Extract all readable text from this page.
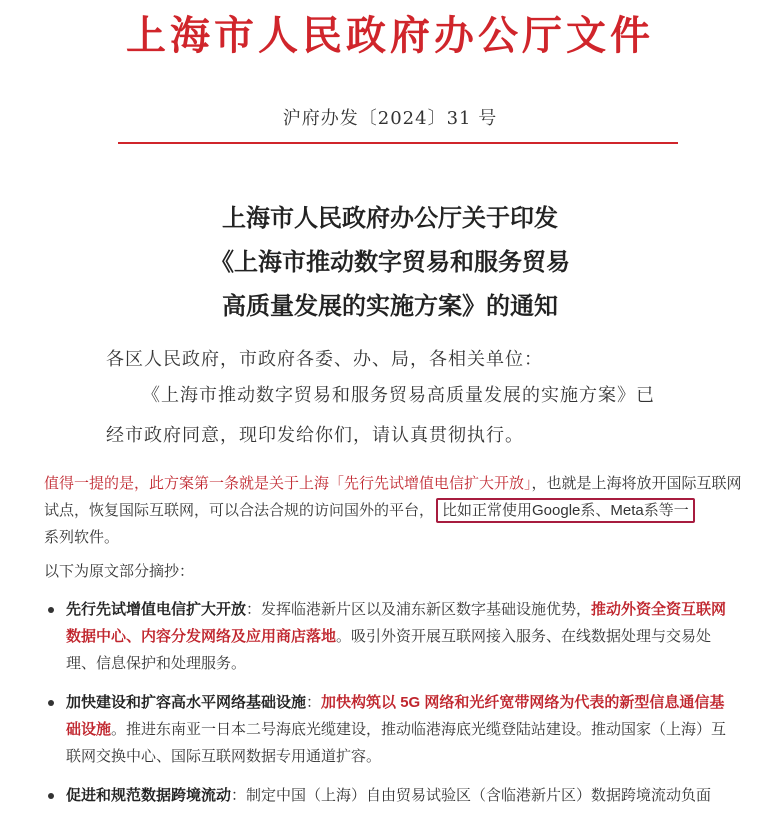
上海市人民政府办公厅文件
沪府办发〔2024〕31 号
上海市人民政府办公厅关于印发
《上海市推动数字贸易和服务贸易
高质量发展的实施方案》的通知
各区人民政府，市政府各委、办、局，各相关单位：
《上海市推动数字贸易和服务贸易高质量发展的实施方案》已
经市政府同意，现印发给你们，请认真贯彻执行。
值得一提的是，此方案第一条就是关于上海「先行先试增值电信扩大开放」，也就是上海将放开国际互联网试点，恢复国际互联网，可以合法合规的访问国外的平台， 比如正常使用Google系、Meta系等一
系列软件。
以下为原文部分摘抄：
先行先试增值电信扩大开放：发挥临港新片区以及浦东新区数字基础设施优势，推动外资全资互联网数据中心、内容分发网络及应用商店落地。吸引外资开展互联网接入服务、在线数据处理与交易处理、信息保护和处理服务。
加快建设和扩容高水平网络基础设施：加快构筑以 5G 网络和光纤宽带网络为代表的新型信息通信基础设施。推进东南亚一日本二号海底光缆建设，推动临港海底光缆登陆站建设。推动国家（上海）互联网交换中心、国际互联网数据专用通道扩容。
促进和规范数据跨境流动：制定中国（上海）自由贸易试验区（含临港新片区）数据跨境流动负面
